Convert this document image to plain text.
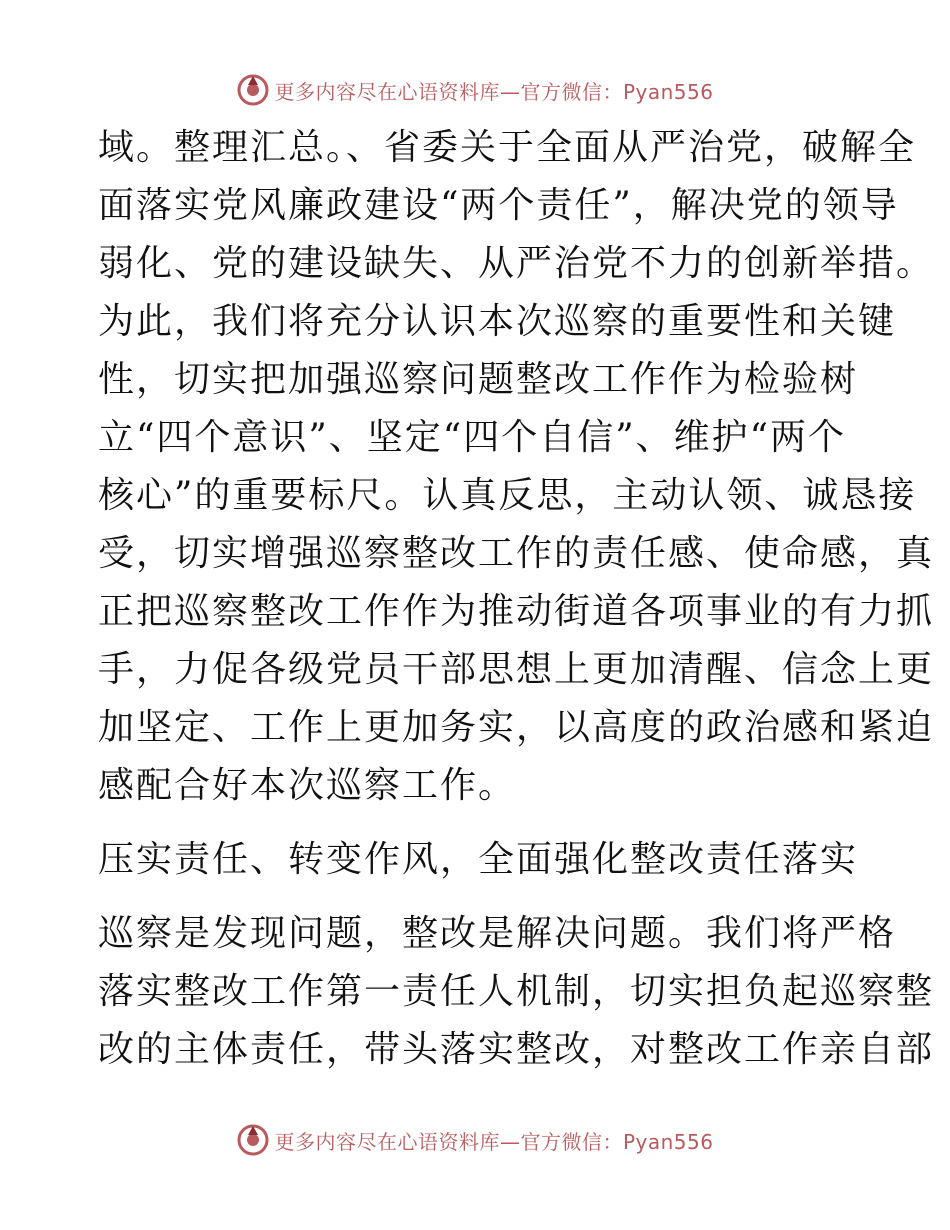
更多内容尽在心语资料库—官方微信：Pyan556
域。整理汇总。、省委关于全面从严治党，破解全
面落实党风廉政建设“两个责任”，解决党的领导
弱化、党的建设缺失、从严治党不力的创新举措。
为此，我们将充分认识本次巡察的重要性和关键
性，切实把加强巡察问题整改工作作为检验树
立“四个意识”、坚定“四个自信”、维护“两个
核心”的重要标尺。认真反思，主动认领、诚恳接
受，切实增强巡察整改工作的责任感、使命感，真
正把巡察整改工作作为推动街道各项事业的有力抓
手，力促各级党员干部思想上更加清醒、信念上更
加坚定、工作上更加务实，以高度的政治感和紧迫
感配合好本次巡察工作。
压实责任、转变作风，全面强化整改责任落实
巡察是发现问题，整改是解决问题。我们将严格
落实整改工作第一责任人机制，切实担负起巡察整
改的主体责任，带头落实整改，对整改工作亲自部
更多内容尽在心语资料库—官方微信：Pyan556
